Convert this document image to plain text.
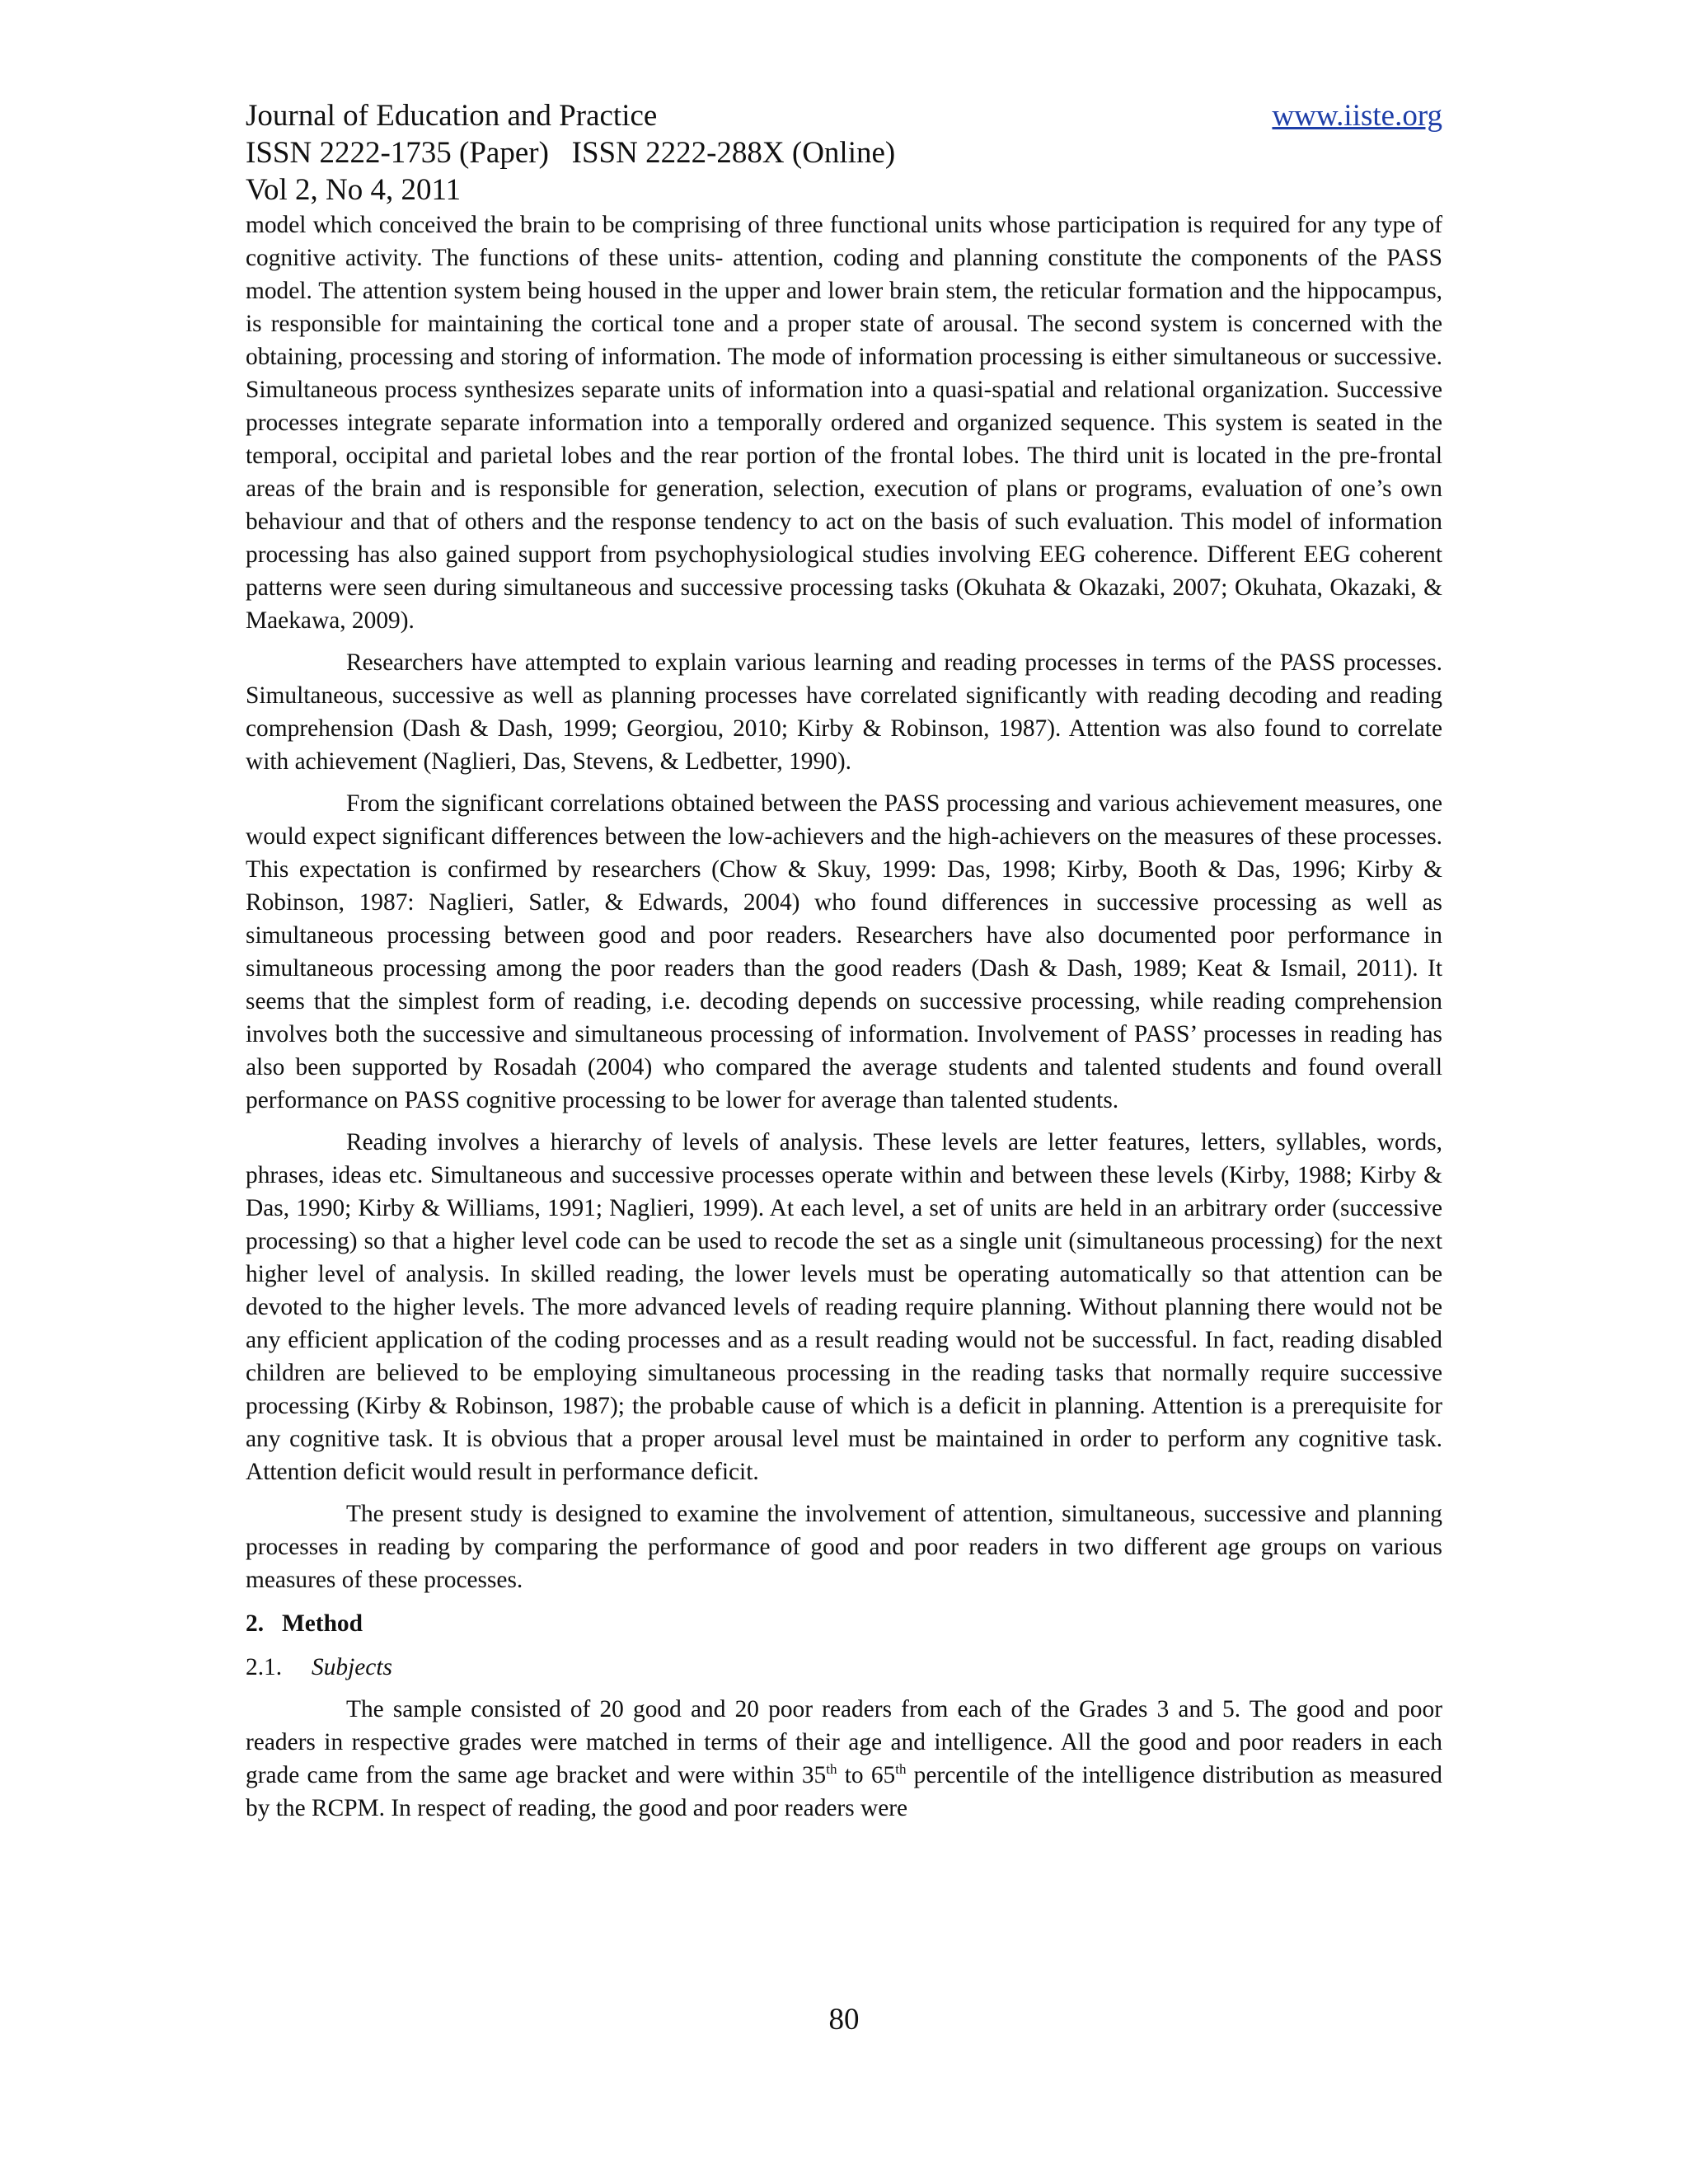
Journal of Education and Practice	www.iiste.org
ISSN 2222-1735 (Paper)   ISSN 2222-288X (Online)
Vol 2, No 4, 2011

model which conceived the brain to be comprising of three functional units whose participation is required for any type of cognitive activity. The functions of these units- attention, coding and planning constitute the components of the PASS model. The attention system being housed in the upper and lower brain stem, the reticular formation and the hippocampus, is responsible for maintaining the cortical tone and a proper state of arousal. The second system is concerned with the obtaining, processing and storing of information. The mode of information processing is either simultaneous or successive. Simultaneous process synthesizes separate units of information into a quasi-spatial and relational organization. Successive processes integrate separate information into a temporally ordered and organized sequence. This system is seated in the temporal, occipital and parietal lobes and the rear portion of the frontal lobes. The third unit is located in the pre-frontal areas of the brain and is responsible for generation, selection, execution of plans or programs, evaluation of one’s own behaviour and that of others and the response tendency to act on the basis of such evaluation. This model of information processing has also gained support from psychophysiological studies involving EEG coherence. Different EEG coherent patterns were seen during simultaneous and successive processing tasks (Okuhata & Okazaki, 2007; Okuhata, Okazaki, & Maekawa, 2009).

Researchers have attempted to explain various learning and reading processes in terms of the PASS processes. Simultaneous, successive as well as planning processes have correlated significantly with reading decoding and reading comprehension (Dash & Dash, 1999; Georgiou, 2010; Kirby & Robinson, 1987). Attention was also found to correlate with achievement (Naglieri, Das, Stevens, & Ledbetter, 1990).

From the significant correlations obtained between the PASS processing and various achievement measures, one would expect significant differences between the low-achievers and the high-achievers on the measures of these processes. This expectation is confirmed by researchers (Chow & Skuy, 1999: Das, 1998; Kirby, Booth & Das, 1996; Kirby & Robinson, 1987: Naglieri, Satler, & Edwards, 2004) who found differences in successive processing as well as simultaneous processing between good and poor readers. Researchers have also documented poor performance in simultaneous processing among the poor readers than the good readers (Dash & Dash, 1989; Keat & Ismail, 2011). It seems that the simplest form of reading, i.e. decoding depends on successive processing, while reading comprehension involves both the successive and simultaneous processing of information. Involvement of PASS’ processes in reading has also been supported by Rosadah (2004) who compared the average students and talented students and found overall performance on PASS cognitive processing to be lower for average than talented students.

Reading involves a hierarchy of levels of analysis. These levels are letter features, letters, syllables, words, phrases, ideas etc. Simultaneous and successive processes operate within and between these levels (Kirby, 1988; Kirby & Das, 1990; Kirby & Williams, 1991; Naglieri, 1999). At each level, a set of units are held in an arbitrary order (successive processing) so that a higher level code can be used to recode the set as a single unit (simultaneous processing) for the next higher level of analysis. In skilled reading, the lower levels must be operating automatically so that attention can be devoted to the higher levels. The more advanced levels of reading require planning. Without planning there would not be any efficient application of the coding processes and as a result reading would not be successful. In fact, reading disabled children are believed to be employing simultaneous processing in the reading tasks that normally require successive processing (Kirby & Robinson, 1987); the probable cause of which is a deficit in planning. Attention is a prerequisite for any cognitive task. It is obvious that a proper arousal level must be maintained in order to perform any cognitive task. Attention deficit would result in performance deficit.

The present study is designed to examine the involvement of attention, simultaneous, successive and planning processes in reading by comparing the performance of good and poor readers in two different age groups on various measures of these processes.

2. Method
2.1. Subjects

The sample consisted of 20 good and 20 poor readers from each of the Grades 3 and 5. The good and poor readers in respective grades were matched in terms of their age and intelligence. All the good and poor readers in each grade came from the same age bracket and were within 35th to 65th percentile of the intelligence distribution as measured by the RCPM. In respect of reading, the good and poor readers were

80
